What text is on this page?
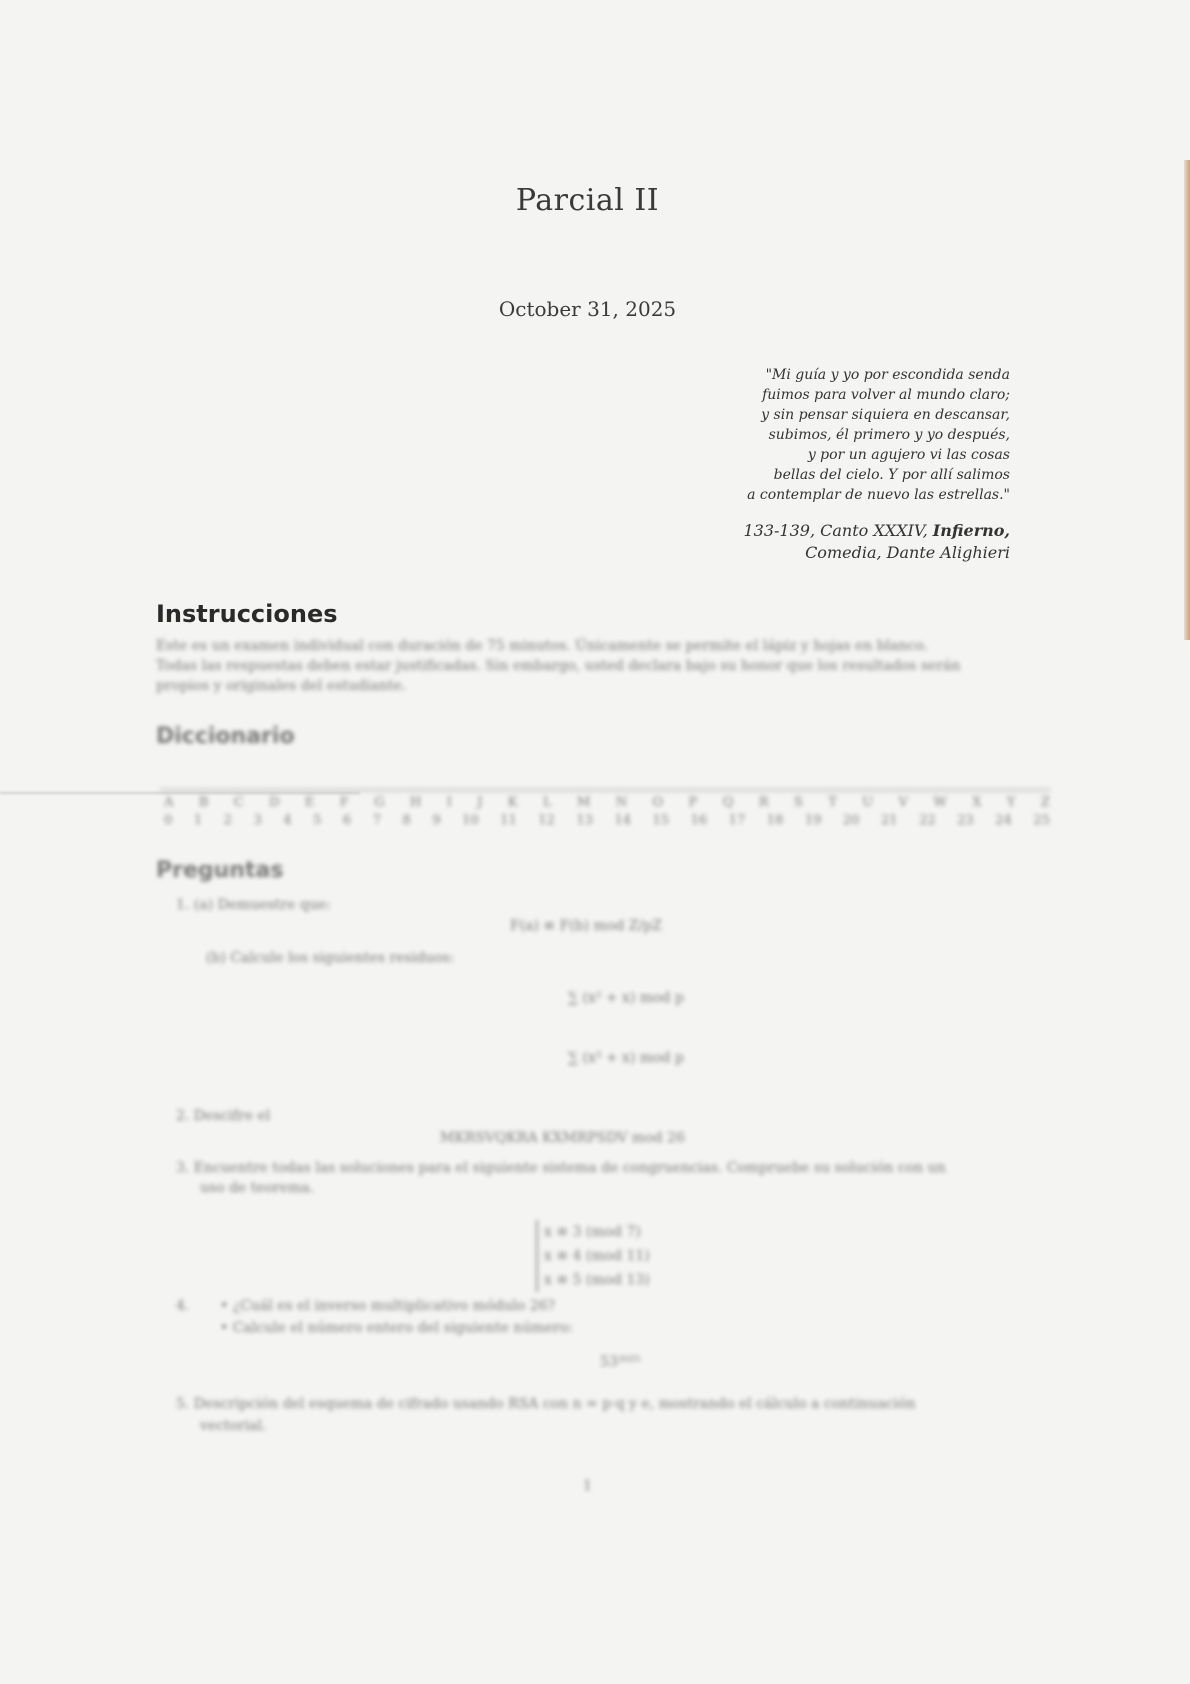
Parcial II
October 31, 2025
"Mi guía y yo por escondida senda
fuimos para volver al mundo claro;
y sin pensar siquiera en descansar,
subimos, él primero y yo después,
y por un agujero vi las cosas
bellas del cielo. Y por allí salimos
a contemplar de nuevo las estrellas."
133-139, Canto XXXIV, Infierno,
Comedia, Dante Alighieri
Instrucciones
Este es un examen individual con duración de 75 minutos. Únicamente se permite el lápiz y hojas en blanco.
Todas las respuestas deben estar justificadas. Sin embargo, usted declara bajo su honor que los resultados serán
propios y originales del estudiante.
Diccionario
A B C D E F G H I J K L M N O P Q R S T U V W X Y Z
0 1 2 3 4 5 6 7 8 9 10 11 12 13 14 15 16 17 18 19 20 21 22 23 24 25
Preguntas
1. (a) Demuestre que:
F(a) ≡ F(b) mod Z/pZ
(b) Calcule los siguientes residuos:
∑ (x² + x) mod p
∑ (x³ + x) mod p
2. Descifre el
MKRSVQKRA KXMRPSDV mod 26
3. Encuentre todas las soluciones para el siguiente sistema de congruencias. Compruebe su solución con un
uso de teorema.
x ≡ 3 (mod 7)
x ≡ 4 (mod 11)
x ≡ 5 (mod 13)
4. • ¿Cuál es el inverso multiplicativo módulo 26?
• Calcule el número entero del siguiente número:
53²⁰²⁵
5. Descripción del esquema de cifrado usando RSA con n = p·q y e, mostrando el cálculo a continuación
vectorial.
1
